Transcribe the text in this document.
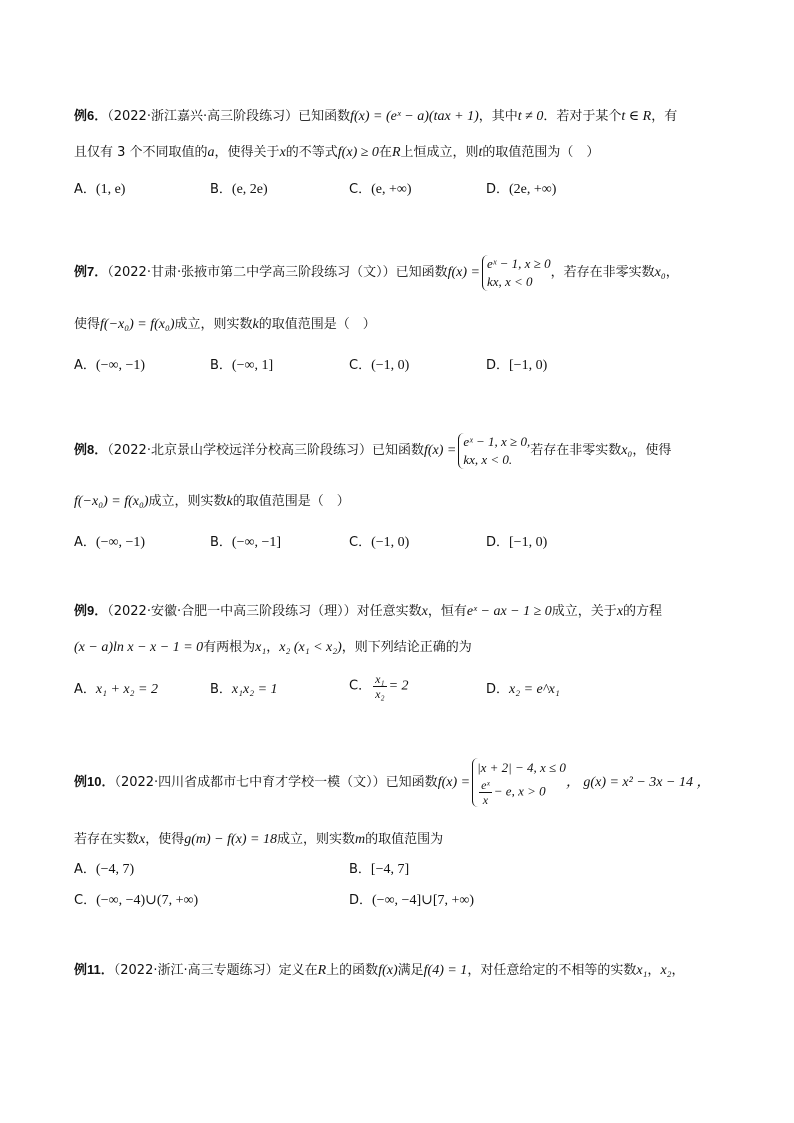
例6．（2022·浙江嘉兴·高三阶段练习）已知函数f(x) = (eˣ − a)(tax + 1)，其中t ≠ 0．若对于某个t ∈ R，有
且仅有 3 个不同取值的a，使得关于x的不等式f(x) ≥ 0在R上恒成立，则t的取值范围为（　）
A．(1, e)	B．(e, 2e)	C．(e, +∞)	D．(2e, +∞)
例7．（2022·甘肃·张掖市第二中学高三阶段练习（文））已知函数f(x) =
eˣ − 1, x ≥ 0
kx, x < 0
，若存在非零实数x₀，
使得f(−x₀) = f(x₀)成立，则实数k的取值范围是（　）
A．(−∞, −1)	B．(−∞, 1]	C．(−1, 0)	D．[−1, 0)
例8．（2022·北京景山学校远洋分校高三阶段练习）已知函数f(x) =
eˣ − 1, x ≥ 0,
kx, x < 0.
若存在非零实数x₀，使得
f(−x₀) = f(x₀)成立，则实数k的取值范围是（　）
A．(−∞, −1)	B．(−∞, −1]	C．(−1, 0)	D．[−1, 0)
例9．（2022·安徽·合肥一中高三阶段练习（理））对任意实数x，恒有eˣ − ax − 1 ≥ 0成立，关于x的方程
(x − a)ln x − x − 1 = 0有两根为x₁，x₂ (x₁ < x₂)，则下列结论正确的为
A．x₁ + x₂ = 2	B．x₁x₂ = 1	C． $\frac{\text{x₁}}{\text{x₂}} = 2$	D．x₂ = e^x₁
例10．（2022·四川省成都市七中育才学校一模（文））已知函数f(x) =
|x + 2| − 4, x ≤ 0
$\frac{\text{eˣ}}{x} - e$, x > 0
， g(x) = x² − 3x − 14 ，
若存在实数x，使得g(m) − f(x) = 18成立，则实数m的取值范围为
A．(−4, 7)	B．[−4, 7]
C．(−∞, −4)∪(7, +∞)	D．(−∞, −4]∪[7, +∞)
例11．（2022·浙江·高三专题练习）定义在R上的函数f(x)满足f(4) = 1，对任意给定的不相等的实数x₁，x₂，
